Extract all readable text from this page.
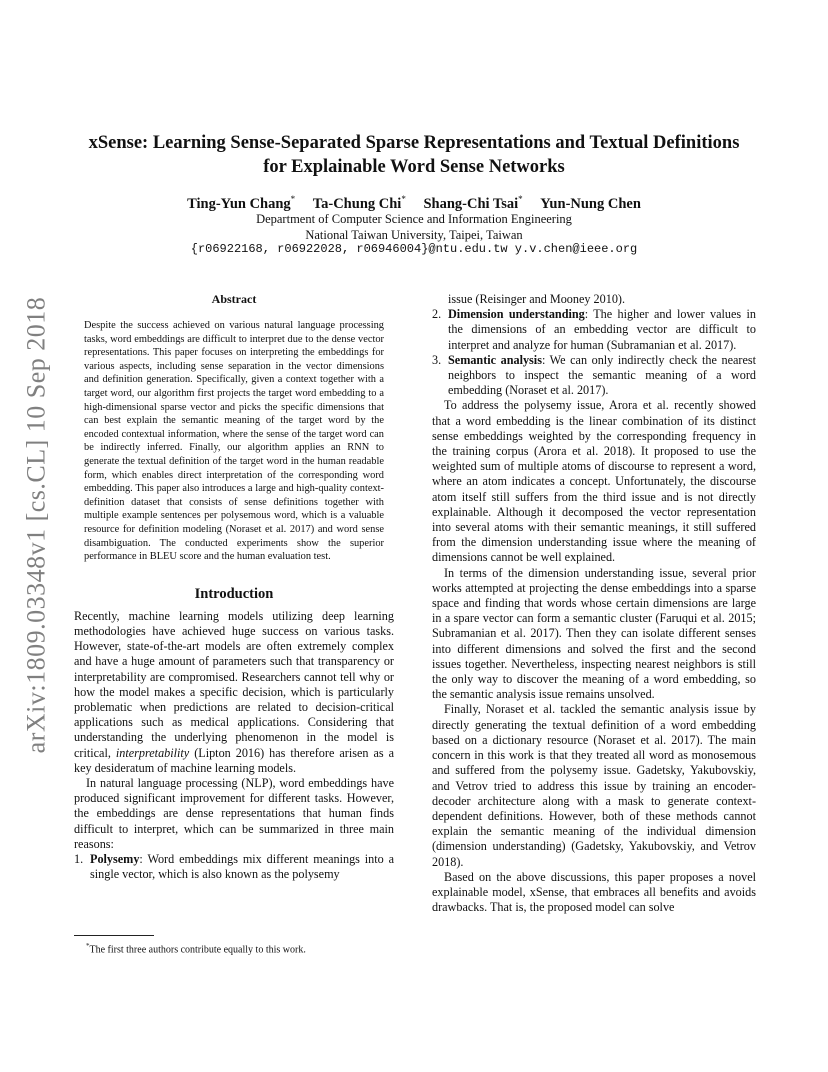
arXiv:1809.03348v1 [cs.CL] 10 Sep 2018
xSense: Learning Sense-Separated Sparse Representations and Textual Definitions
for Explainable Word Sense Networks
Ting-Yun Chang* Ta-Chung Chi* Shang-Chi Tsai* Yun-Nung Chen
Department of Computer Science and Information Engineering
National Taiwan University, Taipei, Taiwan
{r06922168, r06922028, r06946004}@ntu.edu.tw y.v.chen@ieee.org
Abstract

Despite the success achieved on various natural language processing tasks, word embeddings are difficult to interpret due to the dense vector representations. This paper focuses on interpreting the embeddings for various aspects, including sense separation in the vector dimensions and definition generation. Specifically, given a context together with a target word, our algorithm first projects the target word embedding to a high-dimensional sparse vector and picks the specific dimensions that can best explain the semantic meaning of the target word by the encoded contextual information, where the sense of the target word can be indirectly inferred. Finally, our algorithm applies an RNN to generate the textual definition of the target word in the human readable form, which enables direct interpretation of the corresponding word embedding. This paper also introduces a large and high-quality context-definition dataset that consists of sense definitions together with multiple example sentences per polysemous word, which is a valuable resource for definition modeling (Noraset et al. 2017) and word sense disambiguation. The conducted experiments show the superior performance in BLEU score and the human evaluation test.

Introduction

Recently, machine learning models utilizing deep learning methodologies have achieved huge success on various tasks. However, state-of-the-art models are often extremely complex and have a huge amount of parameters such that transparency or interpretability are compromised. Researchers cannot tell why or how the model makes a specific decision, which is particularly problematic when predictions are related to decision-critical applications such as medical applications. Considering that understanding the underlying phenomenon in the model is critical, interpretability (Lipton 2016) has therefore arisen as a key desideratum of machine learning models.

In natural language processing (NLP), word embeddings have produced significant improvement for different tasks. However, the embeddings are dense representations that human finds difficult to interpret, which can be summarized in three main reasons:

1. Polysemy: Word embeddings mix different meanings into a single vector, which is also known as the polysemy
*The first three authors contribute equally to this work.

issue (Reisinger and Mooney 2010).

2. Dimension understanding: The higher and lower values in the dimensions of an embedding vector are difficult to interpret and analyze for human (Subramanian et al. 2017).
3. Semantic analysis: We can only indirectly check the nearest neighbors to inspect the semantic meaning of a word embedding (Noraset et al. 2017).

To address the polysemy issue, Arora et al. recently showed that a word embedding is the linear combination of its distinct sense embeddings weighted by the corresponding frequency in the training corpus (Arora et al. 2018). It proposed to use the weighted sum of multiple atoms of discourse to represent a word, where an atom indicates a concept. Unfortunately, the discourse atom itself still suffers from the third issue and is not directly explainable. Although it decomposed the vector representation into several atoms with their semantic meanings, it still suffered from the dimension understanding issue where the meaning of dimensions cannot be well explained.

In terms of the dimension understanding issue, several prior works attempted at projecting the dense embeddings into a sparse space and finding that words whose certain dimensions are large in a spare vector can form a semantic cluster (Faruqui et al. 2015; Subramanian et al. 2017). Then they can isolate different senses into different dimensions and solved the first and the second issues together. Nevertheless, inspecting nearest neighbors is still the only way to discover the meaning of a word embedding, so the semantic analysis issue remains unsolved.

Finally, Noraset et al. tackled the semantic analysis issue by directly generating the textual definition of a word embedding based on a dictionary resource (Noraset et al. 2017). The main concern in this work is that they treated all word as monosemous and suffered from the polysemy issue. Gadetsky, Yakubovskiy, and Vetrov tried to address this issue by training an encoder-decoder architecture along with a mask to generate context-dependent definitions. However, both of these methods cannot explain the semantic meaning of the individual dimension (dimension understanding) (Gadetsky, Yakubovskiy, and Vetrov 2018).

Based on the above discussions, this paper proposes a novel explainable model, xSense, that embraces all benefits and avoids drawbacks. That is, the proposed model can solve
